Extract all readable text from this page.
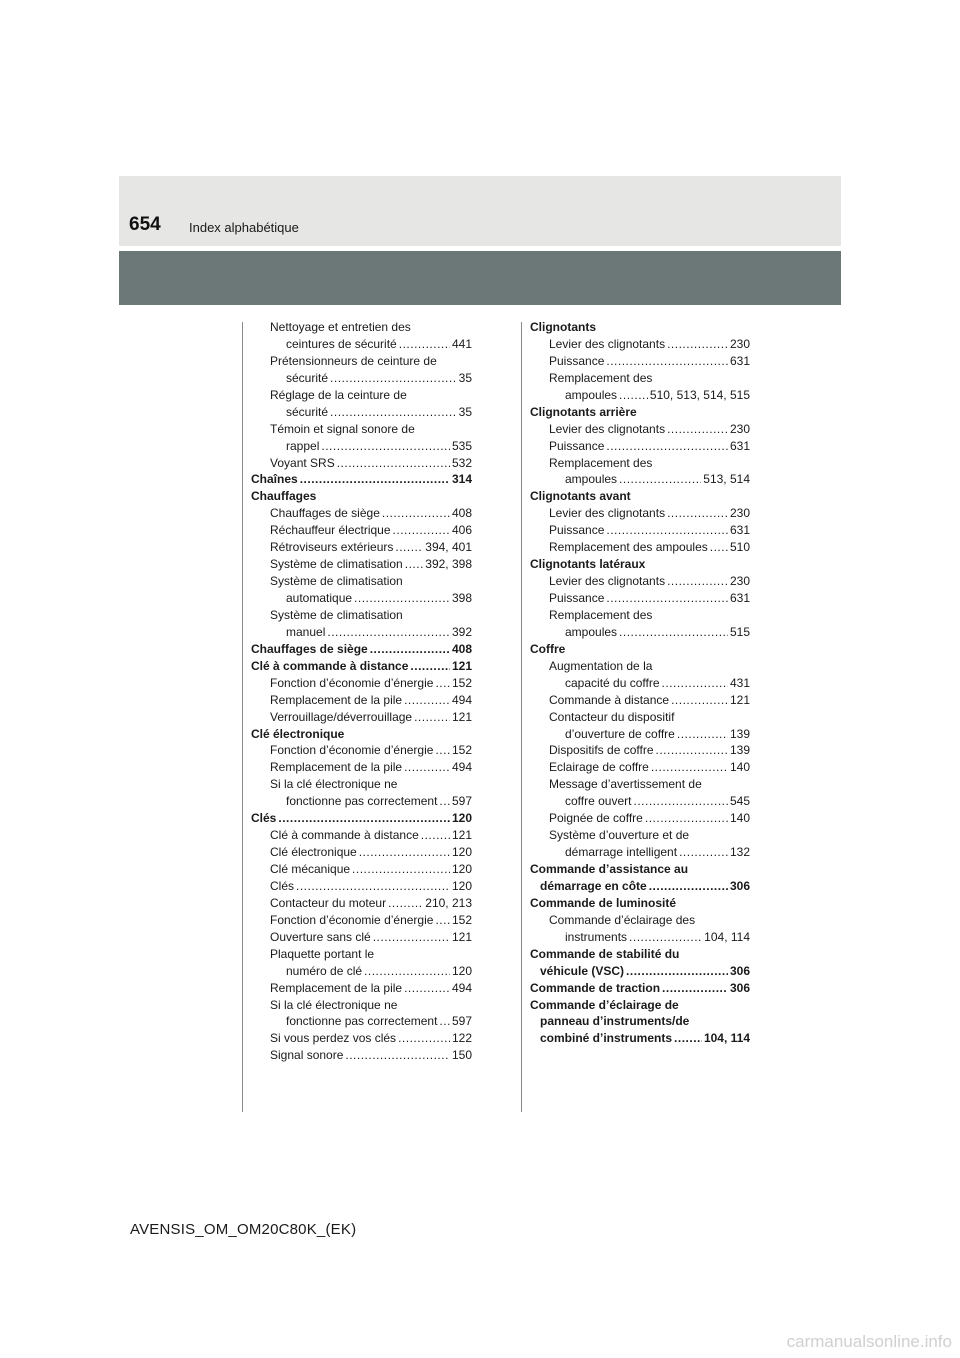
654 Index alphabétique
Nettoyage et entretien des
ceintures de sécurité .....	441
Prétensionneurs de ceinture de
sécurité .....	35
Réglage de la ceinture de
sécurité .....	35
Témoin et signal sonore de
rappel .....	535
Voyant SRS .....	532
Chaînes .....	314
Chauffages
Chauffages de siège .....	408
Réchauffeur électrique .....	406
Rétroviseurs extérieurs .....	394, 401
Système de climatisation ..... 392, 398
Système de climatisation
automatique .....	398
Système de climatisation
manuel .....	392
Chauffages de siège .....	408
Clé à commande à distance .....	121
Fonction d’économie d’énergie ..... 152
Remplacement de la pile .....	494
Verrouillage/déverrouillage .....	121
Clé électronique
Fonction d’économie d’énergie ..... 152
Remplacement de la pile .....	494
Si la clé électronique ne
fonctionne pas correctement ..... 597
Clés .....	120
Clé à commande à distance .....	121
Clé électronique .....	120
Clé mécanique .....	120
Clés .....	120
Contacteur du moteur .....	210, 213
Fonction d’économie d’énergie ..... 152
Ouverture sans clé .....	121
Plaquette portant le
numéro de clé .....	120
Remplacement de la pile .....	494
Si la clé électronique ne
fonctionne pas correctement ..... 597
Si vous perdez vos clés .....	122
Signal sonore .....	150
Clignotants
Levier des clignotants .....	230
Puissance .....	631
Remplacement des
ampoules .....	510, 513, 514, 515
Clignotants arrière
Levier des clignotants .....	230
Puissance .....	631
Remplacement des
ampoules .....	513, 514
Clignotants avant
Levier des clignotants .....	230
Puissance .....	631
Remplacement des ampoules ..... 510
Clignotants latéraux
Levier des clignotants .....	230
Puissance .....	631
Remplacement des
ampoules .....	515
Coffre
Augmentation de la
capacité du coffre .....	431
Commande à distance .....	121
Contacteur du dispositif
d’ouverture de coffre .....	139
Dispositifs de coffre .....	139
Eclairage de coffre .....	140
Message d’avertissement de
coffre ouvert .....	545
Poignée de coffre .....	140
Système d’ouverture et de
démarrage intelligent .....	132
Commande d’assistance au
démarrage en côte .....	306
Commande de luminosité
Commande d’éclairage des
instruments .....	104, 114
Commande de stabilité du
véhicule (VSC) .....	306
Commande de traction .....	306
Commande d’éclairage de
panneau d’instruments/de
combiné d’instruments .....	104, 114
AVENSIS_OM_OM20C80K_(EK)
carmanualsonline.info
